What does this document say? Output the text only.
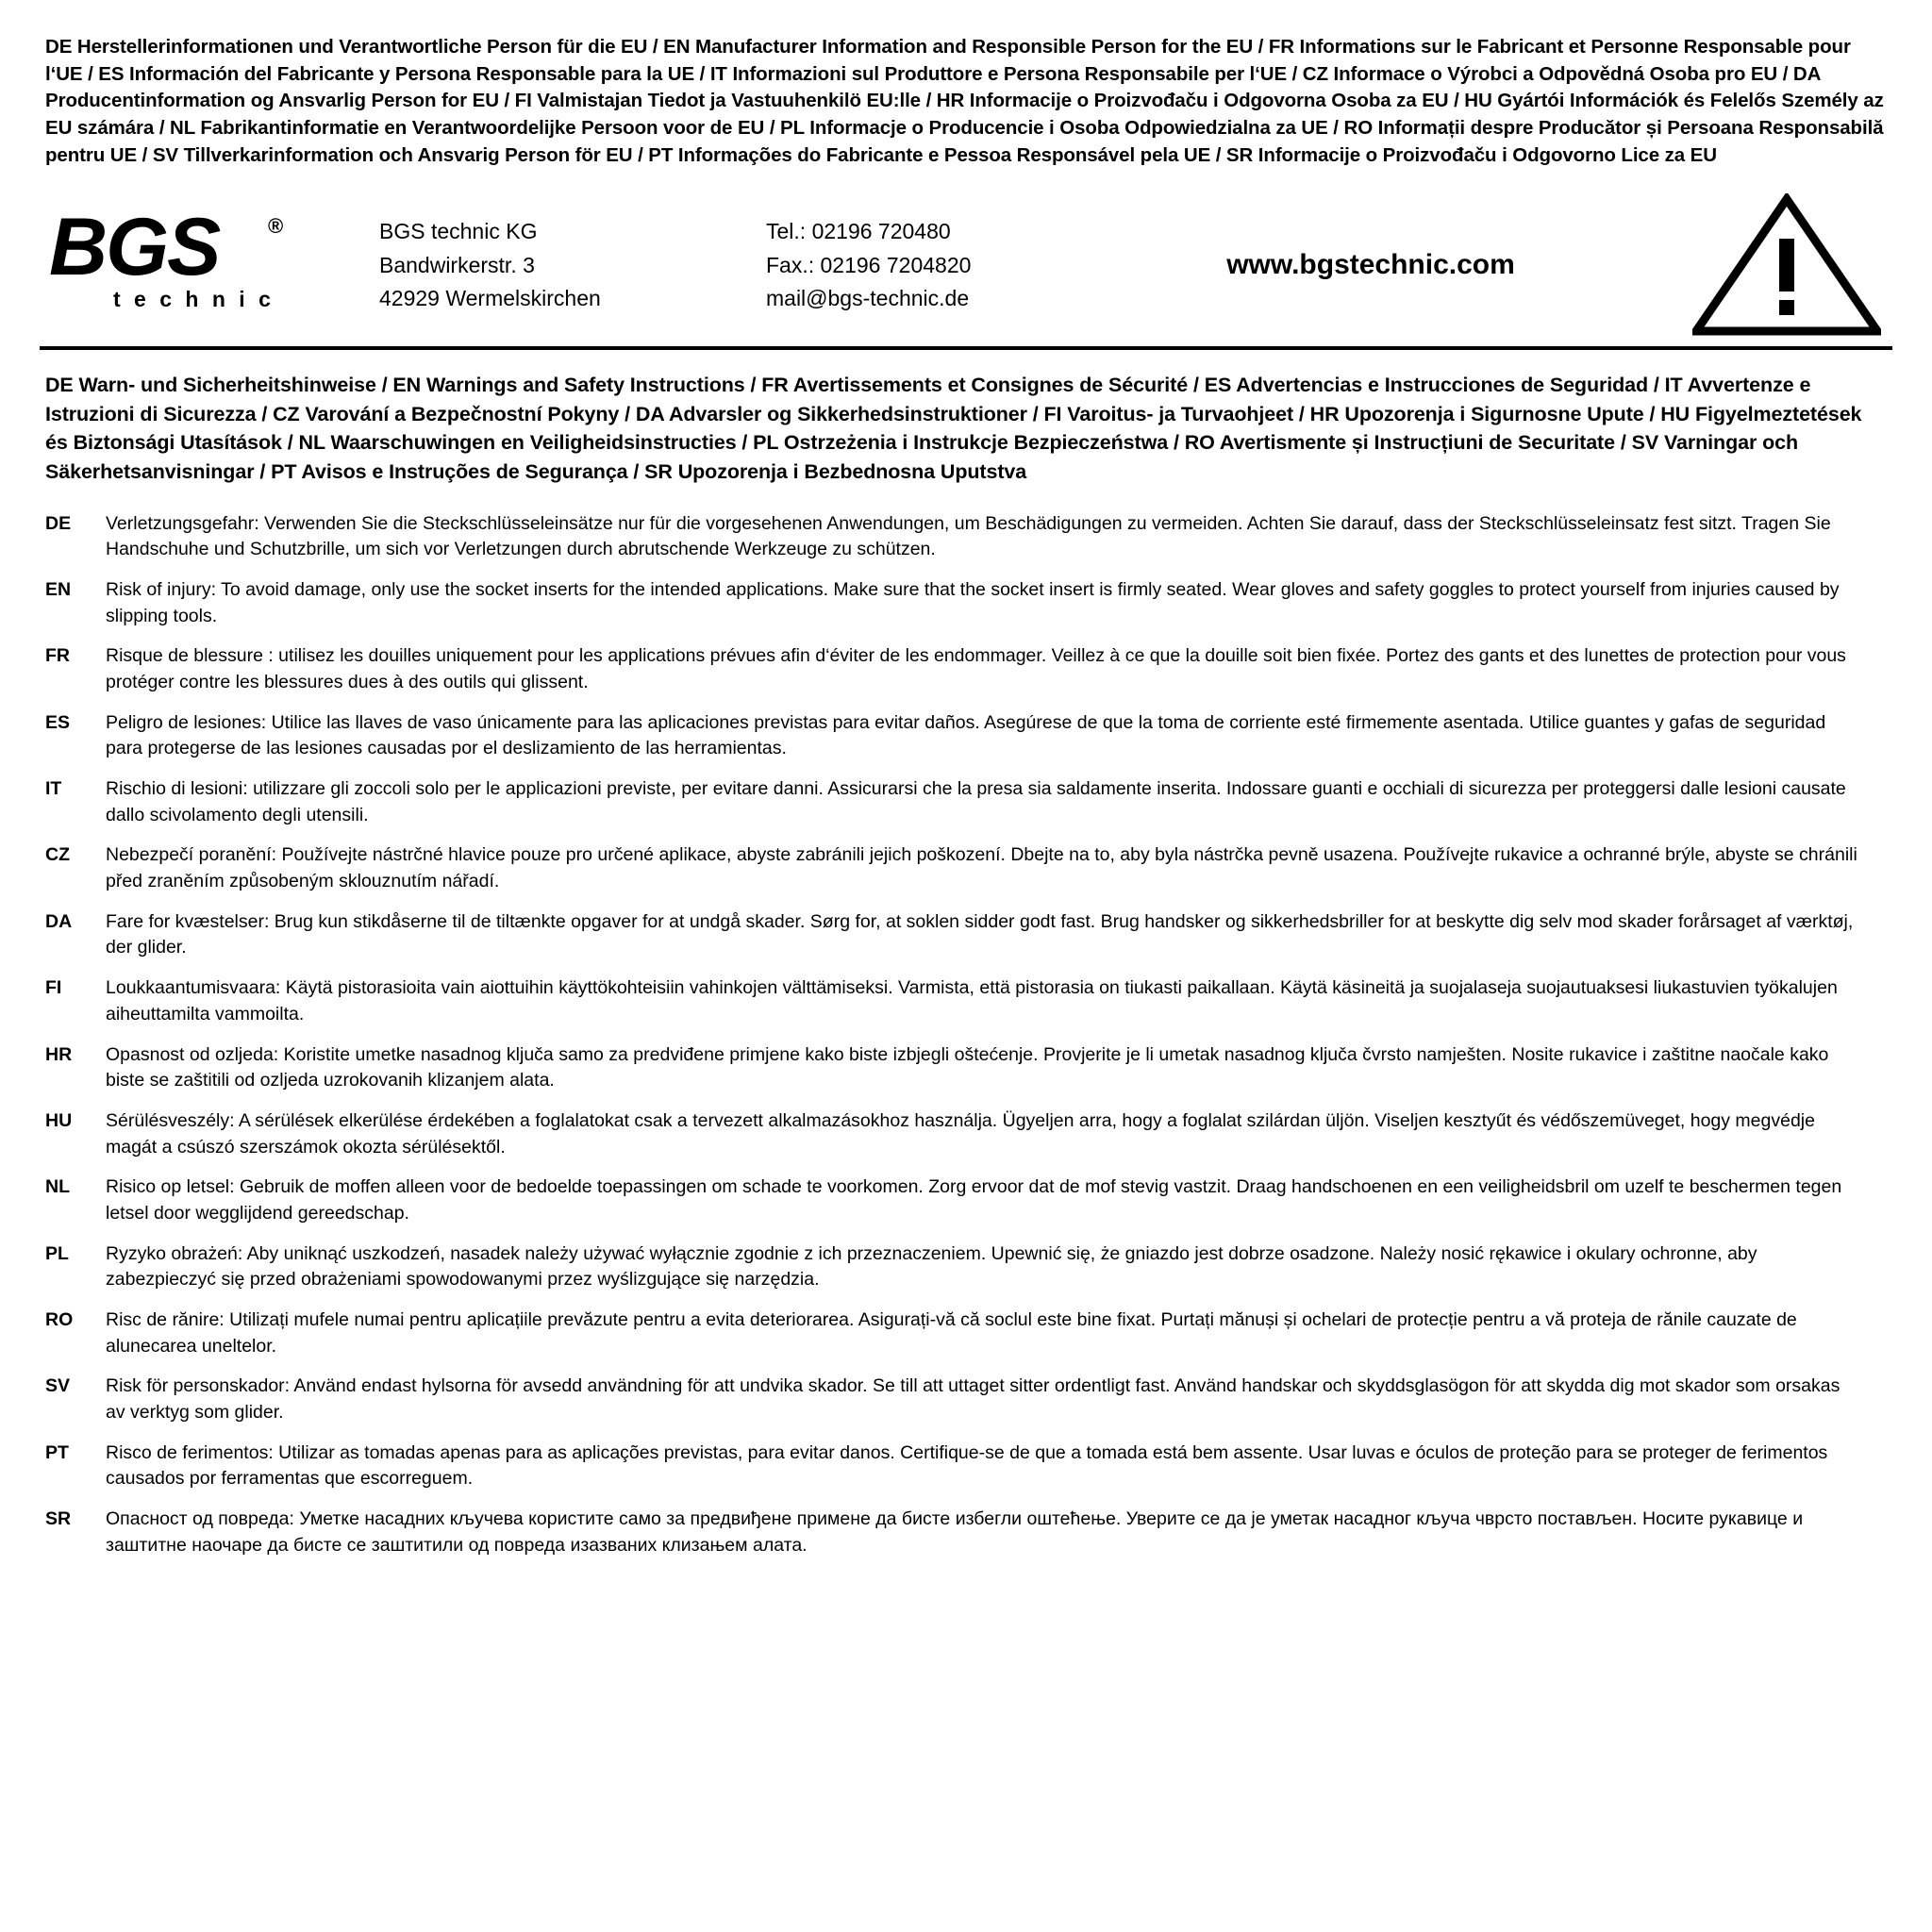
DE Herstellerinformationen und Verantwortliche Person für die EU / EN Manufacturer Information and Responsible Person for the EU / FR Informations sur le Fabricant et Personne Responsable pour l‘UE / ES Información del Fabricante y Persona Responsable para la UE / IT Informazioni sul Produttore e Persona Responsabile per l‘UE / CZ Informace o Výrobci a Odpovědná Osoba pro EU / DA Producentinformation og Ansvarlig Person for EU / FI Valmistajan Tiedot ja Vastuuhenkilö EU:lle / HR Informacije o Proizvođaču i Odgovorna Osoba za EU / HU Gyártói Információk és Felelős Személy az EU számára / NL Fabrikantinformatie en Verantwoordelijke Persoon voor de EU / PL Informacje o Producencie i Osoba Odpowiedzialna za UE / RO Informații despre Producător și Persoana Responsabilă pentru UE / SV Tillverkarinformation och Ansvarig Person för EU / PT Informações do Fabricante e Pessoa Responsável pela UE / SR Informacije o Proizvođaču i Odgovorno Lice za EU
BGS ®
t e c h n i c
BGS technic KG
Bandwirkerstr. 3
42929 Wermelskirchen
Tel.: 02196 720480
Fax.: 02196 7204820
mail@bgs-technic.de
www.bgstechnic.com
DE Warn- und Sicherheitshinweise / EN Warnings and Safety Instructions / FR Avertissements et Consignes de Sécurité / ES Advertencias e Instrucciones de Seguridad / IT Avvertenze e Istruzioni di Sicurezza / CZ Varování a Bezpečnostní Pokyny / DA Advarsler og Sikkerhedsinstruktioner / FI Varoitus- ja Turvaohjeet / HR Upozorenja i Sigurnosne Upute / HU Figyelmeztetések és Biztonsági Utasítások / NL Waarschuwingen en Veiligheidsinstructies / PL Ostrzeżenia i Instrukcje Bezpieczeństwa / RO Avertismente și Instrucțiuni de Securitate / SV Varningar och Säkerhetsanvisningar / PT Avisos e Instruções de Segurança / SR Upozorenja i Bezbednosna Uputstva
DE	Verletzungsgefahr: Verwenden Sie die Steckschlüsseleinsätze nur für die vorgesehenen Anwendungen, um Beschädigungen zu vermeiden. Achten Sie darauf, dass der Steckschlüsseleinsatz fest sitzt. Tragen Sie Handschuhe und Schutzbrille, um sich vor Verletzungen durch abrutschende Werkzeuge zu schützen.
EN	Risk of injury: To avoid damage, only use the socket inserts for the intended applications. Make sure that the socket insert is firmly seated. Wear gloves and safety goggles to protect yourself from injuries caused by slipping tools.
FR	Risque de blessure : utilisez les douilles uniquement pour les applications prévues afin d‘éviter de les endommager. Veillez à ce que la douille soit bien fixée. Portez des gants et des lunettes de protection pour vous protéger contre les blessures dues à des outils qui glissent.
ES	Peligro de lesiones: Utilice las llaves de vaso únicamente para las aplicaciones previstas para evitar daños. Asegúrese de que la toma de corriente esté firmemente asentada. Utilice guantes y gafas de seguridad para protegerse de las lesiones causadas por el deslizamiento de las herramientas.
IT	Rischio di lesioni: utilizzare gli zoccoli solo per le applicazioni previste, per evitare danni. Assicurarsi che la presa sia saldamente inserita. Indossare guanti e occhiali di sicurezza per proteggersi dalle lesioni causate dallo scivolamento degli utensili.
CZ	Nebezpečí poranění: Používejte nástrčné hlavice pouze pro určené aplikace, abyste zabránili jejich poškození. Dbejte na to, aby byla nástrčka pevně usazena. Používejte rukavice a ochranné brýle, abyste se chránili před zraněním způsobeným sklouznutím nářadí.
DA	Fare for kvæstelser: Brug kun stikdåserne til de tiltænkte opgaver for at undgå skader. Sørg for, at soklen sidder godt fast. Brug handsker og sikkerhedsbriller for at beskytte dig selv mod skader forårsaget af værktøj, der glider.
FI	Loukkaantumisvaara: Käytä pistorasioita vain aiottuihin käyttökohteisiin vahinkojen välttämiseksi. Varmista, että pistorasia on tiukasti paikallaan. Käytä käsineitä ja suojalaseja suojautuaksesi liukastuvien työkalujen aiheuttamilta vammoilta.
HR	Opasnost od ozljeda: Koristite umetke nasadnog ključa samo za predviđene primjene kako biste izbjegli oštećenje. Provjerite je li umetak nasadnog ključa čvrsto namješten. Nosite rukavice i zaštitne naočale kako biste se zaštitili od ozljeda uzrokovanih klizanjem alata.
HU	Sérülésveszély: A sérülések elkerülése érdekében a foglalatokat csak a tervezett alkalmazásokhoz használja. Ügyeljen arra, hogy a foglalat szilárdan üljön. Viseljen kesztyűt és védőszemüveget, hogy megvédje magát a csúszó szerszámok okozta sérülésektől.
NL	Risico op letsel: Gebruik de moffen alleen voor de bedoelde toepassingen om schade te voorkomen. Zorg ervoor dat de mof stevig vastzit. Draag handschoenen en een veiligheidsbril om uzelf te beschermen tegen letsel door wegglijdend gereedschap.
PL	Ryzyko obrażeń: Aby uniknąć uszkodzeń, nasadek należy używać wyłącznie zgodnie z ich przeznaczeniem. Upewnić się, że gniazdo jest dobrze osadzone. Należy nosić rękawice i okulary ochronne, aby zabezpieczyć się przed obrażeniami spowodowanymi przez wyślizgujące się narzędzia.
RO	Risc de rănire: Utilizați mufele numai pentru aplicațiile prevăzute pentru a evita deteriorarea. Asigurați-vă că soclul este bine fixat. Purtați mănuși și ochelari de protecție pentru a vă proteja de rănile cauzate de alunecarea uneltelor.
SV	Risk för personskador: Använd endast hylsorna för avsedd användning för att undvika skador. Se till att uttaget sitter ordentligt fast. Använd handskar och skyddsglasögon för att skydda dig mot skador som orsakas av verktyg som glider.
PT	Risco de ferimentos: Utilizar as tomadas apenas para as aplicações previstas, para evitar danos. Certifique-se de que a tomada está bem assente. Usar luvas e óculos de proteção para se proteger de ferimentos causados por ferramentas que escorreguem.
SR	Опасност од повреда: Уметке насадних кључева користите само за предвиђене примене да бисте избегли оштећење. Уверите се да је уметак насадног кључа чврсто постављен. Носите рукавице и заштитне наочаре да бисте се заштитили од повреда изазваних клизањем алата.
